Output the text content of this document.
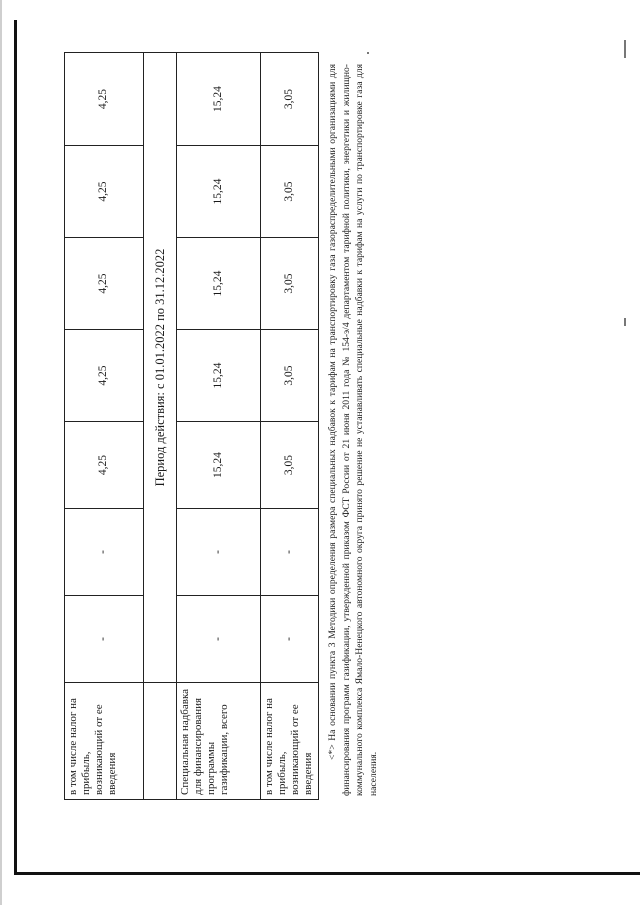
в том числе налог на прибыль, возникающий от ее введения	-	-	4,25	4,25	4,25	4,25	4,25
	Период действия: с 01.01.2022 по 31.12.2022						
Специальная надбавка для финансирования программы газификации, всего	-	-	15,24	15,24	15,24	15,24	15,24
в том числе налог на прибыль, возникающий от ее введения	-	-	3,05	3,05	3,05	3,05	3,05	<*> На основании пункта 3 Методики определения размера специальных надбавок к тарифам на транспортировку газа газораспределительными организациями для финансирования программ газификации, утвержденной приказом ФСТ России от 21 июня 2011 года № 154-э/4 департаментом тарифной политики, энергетики и жилищно-коммунального комплекса Ямало-Ненецкого автономного округа принято решение не устанавливать специальные надбавки к тарифам на услуги по транспортировке газа для населения.
